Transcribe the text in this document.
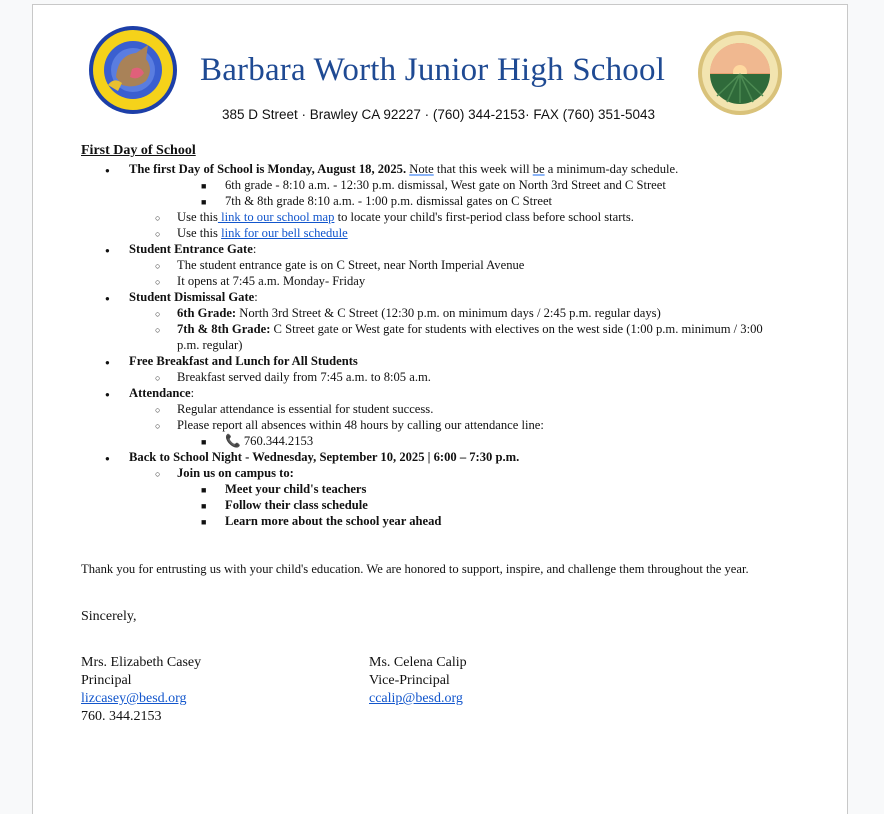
Barbara Worth Junior High School
385 D Street · Brawley CA 92227 · (760) 344-2153· FAX (760) 351-5043
First Day of School
●
The first Day of School is Monday, August 18, 2025. Note that this week will be a minimum-day schedule.
■
6th grade - 8:10 a.m. - 12:30 p.m. dismissal, West gate on North 3rd Street and C Street
■
7th & 8th grade 8:10 a.m. - 1:00 p.m. dismissal gates on C Street
○
Use this link to our school map to locate your child's first-period class before school starts.
○
Use this link for our bell schedule
●
Student Entrance Gate:
○
The student entrance gate is on C Street, near North Imperial Avenue
○
It opens at 7:45 a.m. Monday- Friday
●
Student Dismissal Gate:
○
6th Grade: North 3rd Street & C Street (12:30 p.m. on minimum days / 2:45 p.m. regular days)
○
7th & 8th Grade: C Street gate or West gate for students with electives on the west side (1:00 p.m. minimum / 3:00 p.m. regular)
●
Free Breakfast and Lunch for All Students
○
Breakfast served daily from 7:45 a.m. to 8:05 a.m.
●
Attendance:
○
Regular attendance is essential for student success.
○
Please report all absences within 48 hours by calling our attendance line:
■
📞 760.344.2153
●
Back to School Night - Wednesday, September 10, 2025 | 6:00 – 7:30 p.m.
○
Join us on campus to:
■
Meet your child's teachers
■
Follow their class schedule
■
Learn more about the school year ahead
Thank you for entrusting us with your child's education. We are honored to support, inspire, and challenge them throughout the year.
Sincerely,
Mrs. Elizabeth Casey
Principal
lizcasey@besd.org
760. 344.2153
Ms. Celena Calip
Vice-Principal
ccalip@besd.org
